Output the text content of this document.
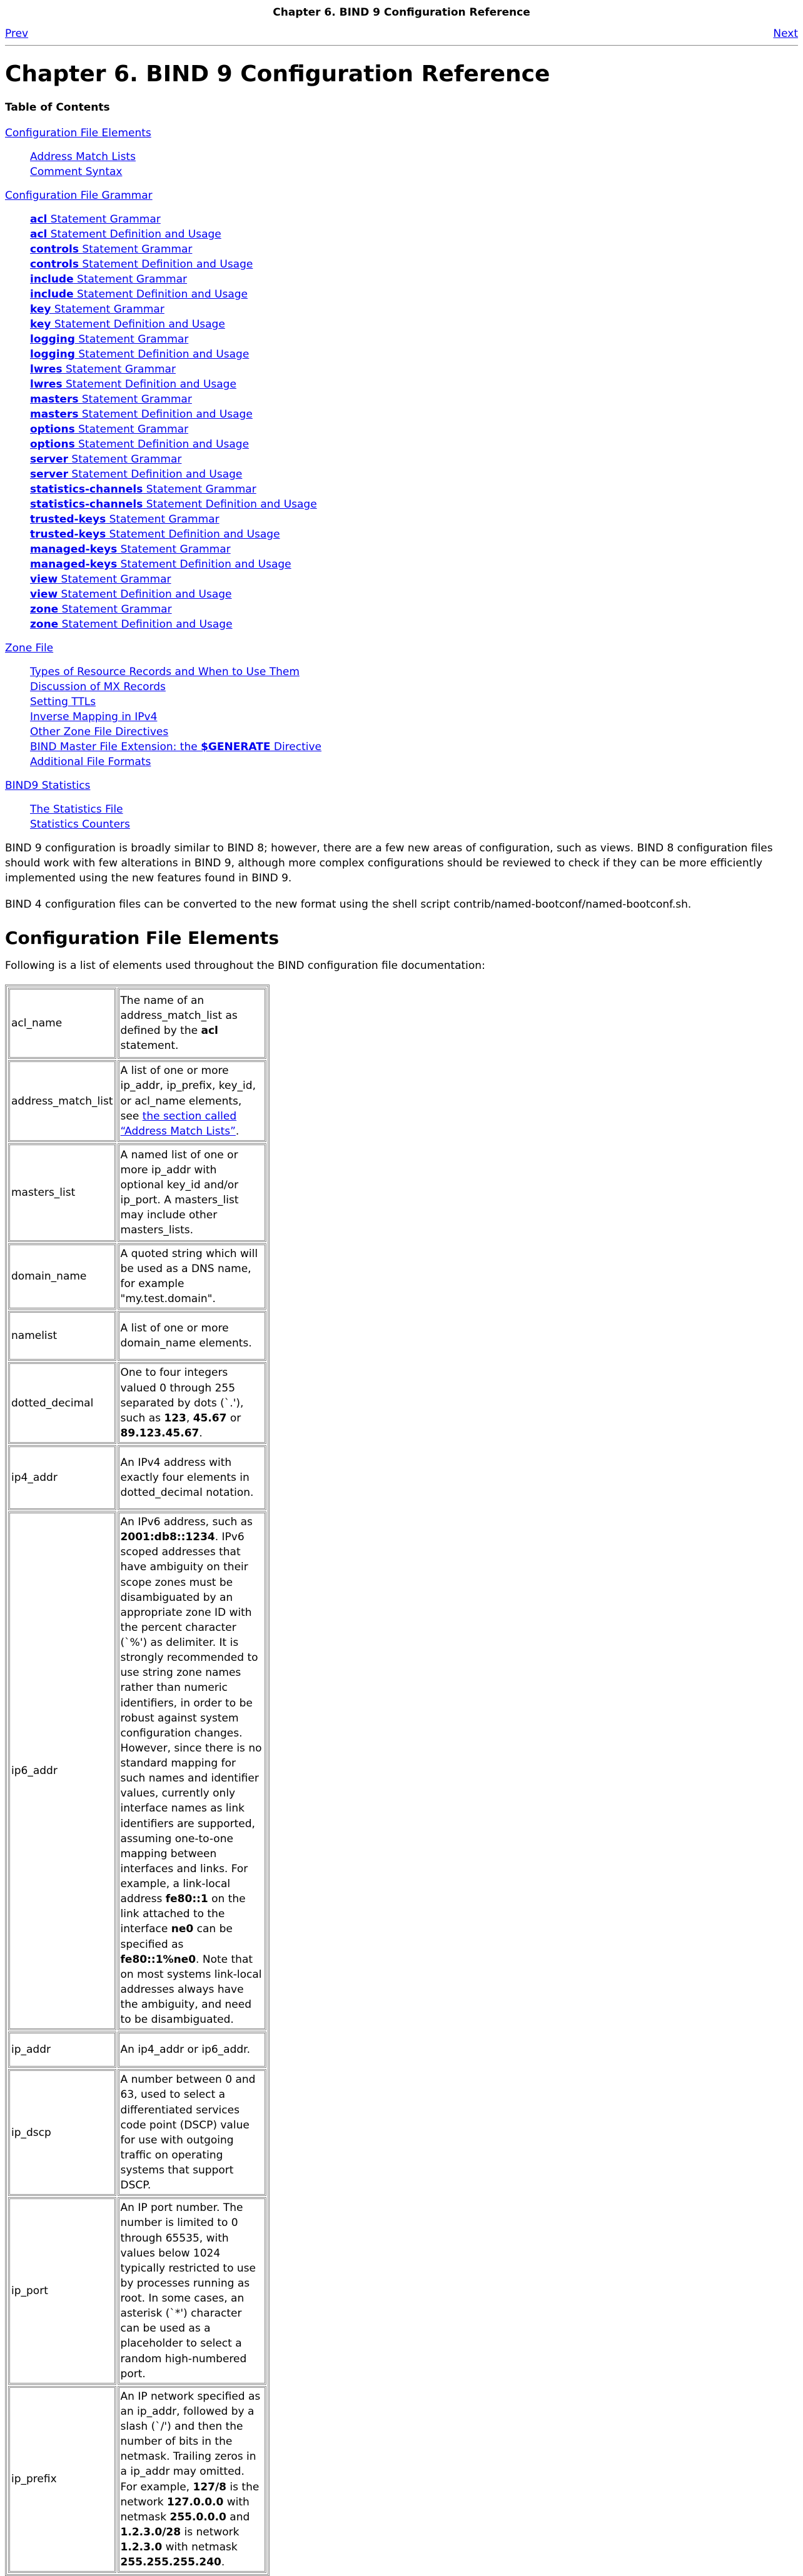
Chapter 6. BIND 9 Configuration Reference
Prev	Next
Chapter 6. BIND 9 Configuration Reference
Table of Contents
Configuration File Elements
Address Match Lists
Comment Syntax
Configuration File Grammar
acl Statement Grammar
acl Statement Definition and Usage
controls Statement Grammar
controls Statement Definition and Usage
include Statement Grammar
include Statement Definition and Usage
key Statement Grammar
key Statement Definition and Usage
logging Statement Grammar
logging Statement Definition and Usage
lwres Statement Grammar
lwres Statement Definition and Usage
masters Statement Grammar
masters Statement Definition and Usage
options Statement Grammar
options Statement Definition and Usage
server Statement Grammar
server Statement Definition and Usage
statistics-channels Statement Grammar
statistics-channels Statement Definition and Usage
trusted-keys Statement Grammar
trusted-keys Statement Definition and Usage
managed-keys Statement Grammar
managed-keys Statement Definition and Usage
view Statement Grammar
view Statement Definition and Usage
zone Statement Grammar
zone Statement Definition and Usage
Zone File
Types of Resource Records and When to Use Them
Discussion of MX Records
Setting TTLs
Inverse Mapping in IPv4
Other Zone File Directives
BIND Master File Extension: the $GENERATE Directive
Additional File Formats
BIND9 Statistics
The Statistics File
Statistics Counters

BIND 9 configuration is broadly similar to BIND 8; however, there are a few new areas of configuration, such as views. BIND 8 configuration files should work with few alterations in BIND 9, although more complex configurations should be reviewed to check if they can be more efficiently implemented using the new features found in BIND 9.

BIND 4 configuration files can be converted to the new format using the shell script contrib/named-bootconf/named-bootconf.sh.

Configuration File Elements

Following is a list of elements used throughout the BIND configuration file documentation:

acl_name	The name of an address_match_list as defined by the acl statement.
address_match_list	A list of one or more ip_addr, ip_prefix, key_id, or acl_name elements, see the section called “Address Match Lists”.
masters_list	A named list of one or more ip_addr with optional key_id and/or ip_port. A masters_list may include other masters_lists.
domain_name	A quoted string which will be used as a DNS name, for example "my.test.domain".
namelist	A list of one or more domain_name elements.
dotted_decimal	One to four integers valued 0 through 255 separated by dots (`.'), such as 123, 45.67 or 89.123.45.67.
ip4_addr	An IPv4 address with exactly four elements in dotted_decimal notation.
ip6_addr	An IPv6 address, such as 2001:db8::1234. IPv6 scoped addresses that have ambiguity on their scope zones must be disambiguated by an appropriate zone ID with the percent character (`%') as delimiter. It is strongly recommended to use string zone names rather than numeric identifiers, in order to be robust against system configuration changes. However, since there is no standard mapping for such names and identifier values, currently only interface names as link identifiers are supported, assuming one-to-one mapping between interfaces and links. For example, a link-local address fe80::1 on the link attached to the interface ne0 can be specified as fe80::1%ne0. Note that on most systems link-local addresses always have the ambiguity, and need to be disambiguated.
ip_addr	An ip4_addr or ip6_addr.
ip_dscp	A number between 0 and 63, used to select a differentiated services code point (DSCP) value for use with outgoing traffic on operating systems that support DSCP.
ip_port	An IP port number. The number is limited to 0 through 65535, with values below 1024 typically restricted to use by processes running as root. In some cases, an asterisk (`*') character can be used as a placeholder to select a random high-numbered port.
ip_prefix	An IP network specified as an ip_addr, followed by a slash (`/') and then the number of bits in the netmask. Trailing zeros in a ip_addr may omitted. For example, 127/8 is the network 127.0.0.0 with netmask 255.0.0.0 and 1.2.3.0/28 is network 1.2.3.0 with netmask 255.255.255.240.
